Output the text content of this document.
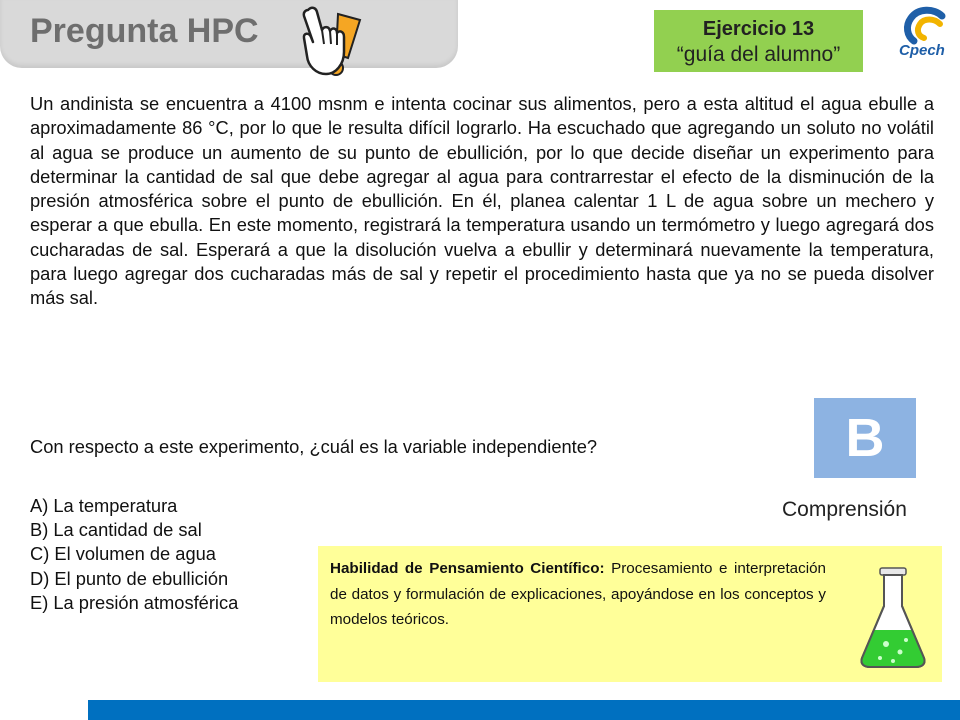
Pregunta HPC	Ejercicio 13
“guía del alumno”	Cpech

Un andinista se encuentra a 4100 msnm e intenta cocinar sus alimentos, pero a esta altitud el agua ebulle a aproximadamente 86 °C, por lo que le resulta difícil lograrlo. Ha escuchado que agregando un soluto no volátil al agua se produce un aumento de su punto de ebullición, por lo que decide diseñar un experimento para determinar la cantidad de sal que debe agregar al agua para contrarrestar el efecto de la disminución de la presión atmosférica sobre el punto de ebullición. En él, planea calentar 1 L de agua sobre un mechero y esperar a que ebulla. En este momento, registrará la temperatura usando un termómetro y luego agregará dos cucharadas de sal. Esperará a que la disolución vuelva a ebullir y determinará nuevamente la temperatura, para luego agregar dos cucharadas más de sal y repetir el procedimiento hasta que ya no se pueda disolver más sal.

Con respecto a este experimento, ¿cuál es la variable independiente?

A) La temperatura
B) La cantidad de sal
C) El volumen de agua
D) El punto de ebullición
E) La presión atmosférica
B
Comprensión

Habilidad de Pensamiento Científico: Procesamiento e interpretación de datos y formulación de explicaciones, apoyándose en los conceptos y modelos teóricos.
